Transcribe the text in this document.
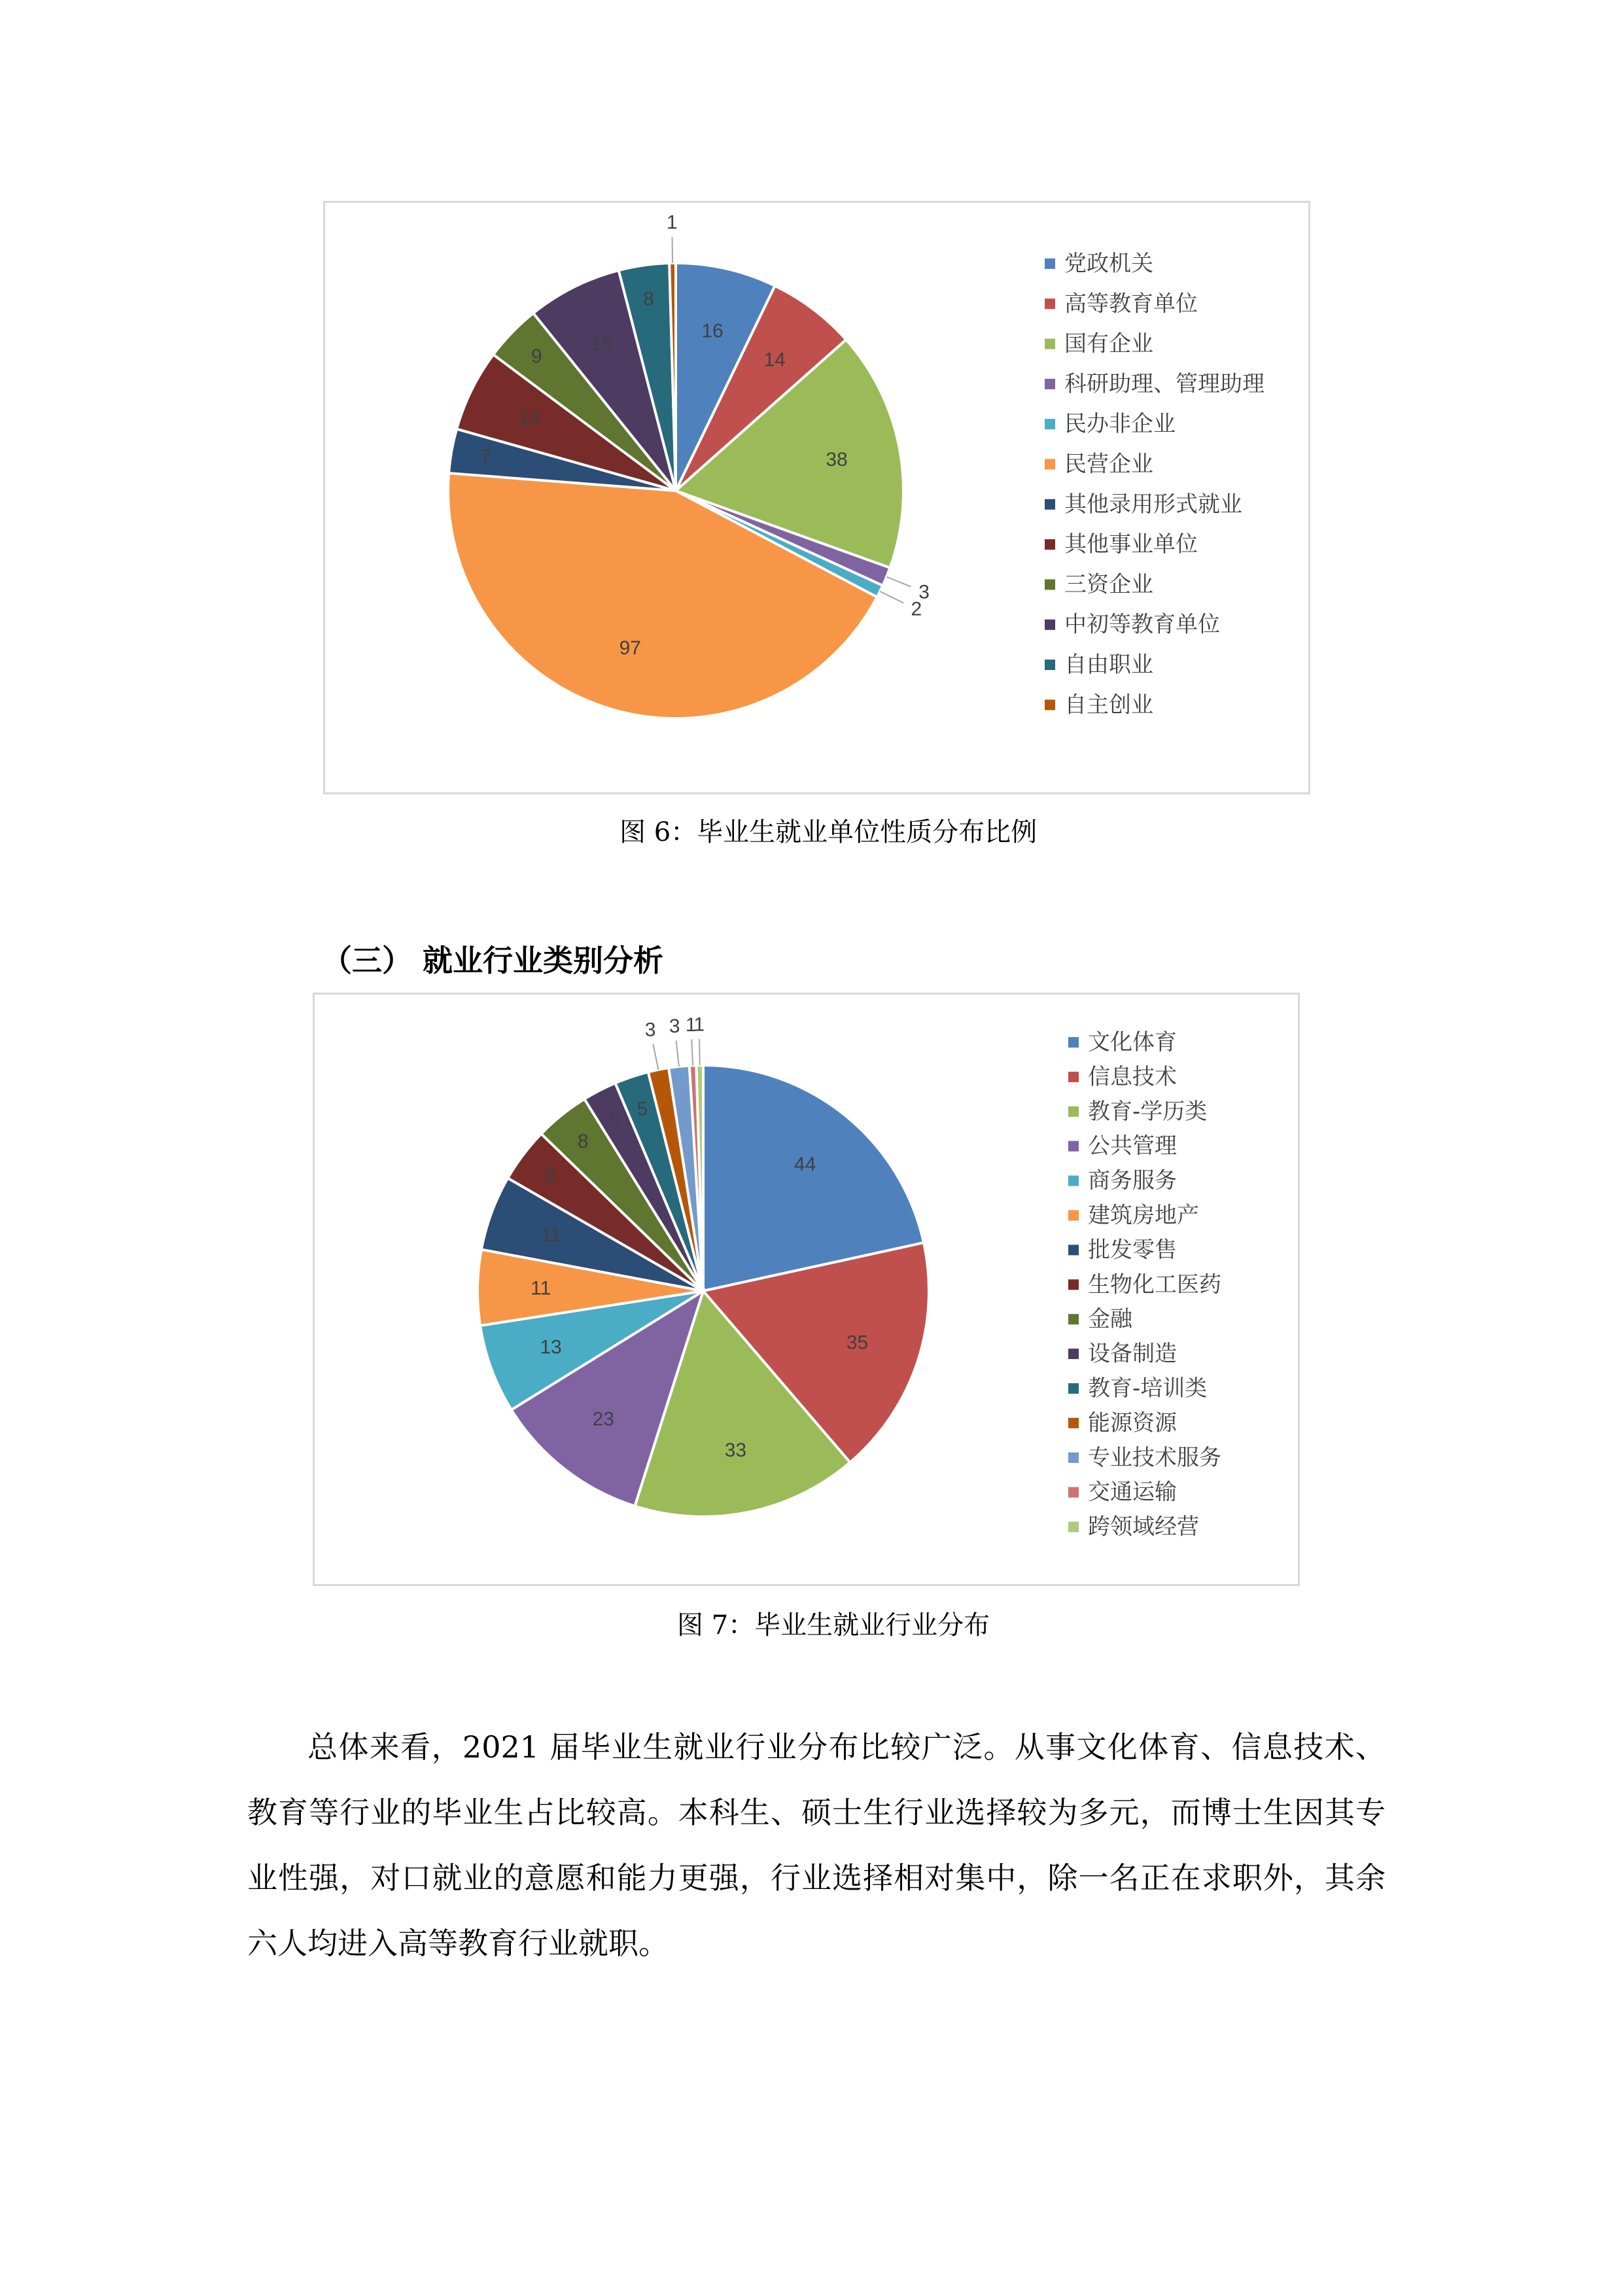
16
14
38
3
2
97
7
13
9
15
8
1
党政机关
高等教育单位
国有企业
科研助理、管理助理
民办非企业
民营企业
其他录用形式就业
其他事业单位
三资企业
中初等教育单位
自由职业
自主创业
图 6：毕业生就业单位性质分布比例
（三） 就业行业类别分析
44
35
33
23
13
11
11
8
8
5
5
3 3 1
1
文化体育
信息技术
教育-学历类
公共管理
商务服务
建筑房地产
批发零售
生物化工医药
金融
设备制造
教育-培训类
能源资源
专业技术服务
交通运输
跨领域经营
图 7：毕业生就业行业分布
总体来看，2021 届毕业生就业行业分布比较广泛。从事文化体育、信息技术、教育等行业的毕业生占比较高。本科生、硕士生行业选择较为多元，而博士生因其专业性强，对口就业的意愿和能力更强，行业选择相对集中，除一名正在求职外，其余六人均进入高等教育行业就职。
